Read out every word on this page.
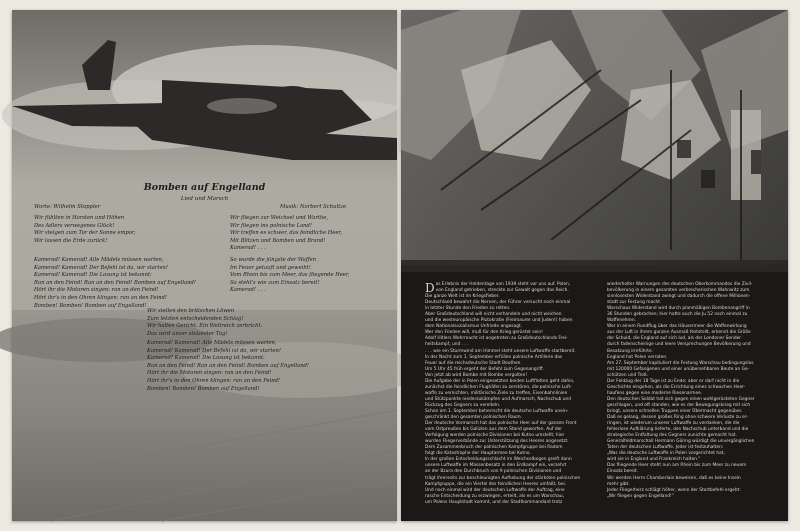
Bomben auf Engelland
Lied und Marsch
Worte: Wilhelm Stoppler	Musik: Norbert Schultze
Wir fühlten in Horsten und Höhen
Des Adlers verwegenes Glück!
Wir steigen zum Tor der Sonne empor,
Wir lassen die Erde zurück!
Wir fliegen zur Weichsel und Warthe,
Wir fliegen ins polnische Land!
Wir treffen es schwer, das feindliche Heer,
Mit Blitzen und Bomben und Brand!
Kamerad! . . .
Kamerad! Kamerad! Alle Mädels müssen warten,
Kamerad! Kamerad! Der Befehl ist da, wir starten!
Kamerad! Kamerad! Die Losung ist bekannt:
Ran an den Feind! Ran an den Feind! Bomben auf Engelland!
Hört ihr die Motoren singen: ran an den Feind!
Hört ihr's in den Ohren klingen: ran an den Feind!
Bomben! Bomben! Bomben auf Engelland!
So wurde die jüngste der Waffen
Im Feuer getauft und geweiht!
Vom Rhein bis zum Meer, das fliegende Heer,
So steht's wie zum Einsatz bereit!
Kamerad! . . .
Wir stellen den britischen Löwen
Zum letzten entscheidenden Schlag!
Wir halten Gericht. Ein Weltreich zerbricht.
Das wird unser stolzester Tag!
Kamerad! Kamerad! Alle Mädels müssen warten,
Kamerad! Kamerad! Der Befehl ist da, wir starten!
Kamerad! Kamerad! Die Losung ist bekannt:
Ran an den Feind! Ran an den Feind! Bomben auf Engelland!
Hört ihr die Motoren singen: ran an den Feind!
Hört ihr's in den Ohren klingen: ran an den Feind!
Bomben! Bomben! Bomben auf Engelland!
Das Erlebnis der Heldentage von 1939 steht vor uns auf. Polen,
von England getrieben, streckte zur Gewalt gegen das Reich.
Die ganze Welt ist im Kriegsfieber.
Deutschland bewahrt die Nerven, der Führer versucht noch einmal
in letzter Stunde den Frieden zu retten.
Aber Großdeutschland will nicht verhandeln und nicht weichen
und die westeuropäische Plutokratie (Freimaurer und Juden!) haben
dem Nationalsozialismus Unfriede angesagt.
Wer den Frieden will, muß für den Krieg gerüstet sein!
Adolf Hitlers Wehrmacht ist angetreten zu Großdeutschlands Frei-
heitskampf, und . . .
. . . wie ein Sturmwind am Himmel steht unsere Luftwaffe startbereit.
In der Nacht zum 1. September erfüllen polnische Artillerie das
Feuer auf die reichsdeutsche Stadt Beuthen.
Um 5 Uhr 45 früh ergeht der Befehl zum Gegenangriff.
Von jetzt ab wird Bombe mit Bombe vergolten!
Die Aufgabe der in Polen eingesetzten beiden Luftflotten geht dahin,
zunächst die feindlichen Flughäfen zu zerstören, die polnische Luft-
waffe zu vernichten, militärische Ziele zu treffen, Eisenbahnlinien
und Stützpunkte niederzukämpfen und Aufmarsch, Nachschub und
Rückzug des Gegners zu vereiteln.
Schon am 1. September beherrscht die deutsche Luftwaffe unein-
geschränkt den gesamten polnischen Raum.
Der deutsche Vormarsch hat das polnische Heer auf der ganzen Front
vom Ostpreußen bis Galizien aus dem Stand geworfen. Auf der
Verfolgung werden polnische Divisionen bei Kutno umstellt; hier
wurden Fliegerverbände zur Unterstützung des Heeres angesetzt.
Dem Zusammenbruch der polnischen Kampfgruppe bei Radom
folgt die Katastrophe der Hauptarmee bei Kutno.
In der großen Entscheidungsschlacht im Weichselbogen greift dann
unsere Luftwaffe im Massenbesatz in den Erdkampf ein, verzehrt
an der Bzura den Durchbruch von 9 polnischen Divisionen und
trägt ihrerseits zur beschleunigten Aufhebung der stärksten polnischen
Kampfgruppe, die ein Viertel des feindlichen Heeres umfaßt, bei.
Und noch einmal wird der deutschen Luftwaffe der Auftrag, eine
rasche Entscheidung zu erzwingen, erteilt, als es um Warschau,
um Polens Hauptstadt kommt, und der Stadtkommandant trotz
wiederholter Warnungen des deutschen Oberkommandos die Zivil-
bevölkerung in einem gesamten verbrecherischen Wahnwitz zum
sinnlosesten Widerstand zwingt und dadurch die offene Millionen-
stadt zur Festung macht.
Warschaus Widerstand wird durch planmäßigen Bombenangriff in
36 Stunden gebrochen; hier hatte auch die Ju 52 noch einmal zu
Waffenehren.
Wer in einem Rundflug über das Häusermeer die Waffenwirkung
aus der Luft in ihrem ganzen Ausmaß feststellt, erkennt die Größe
der Schuld, die England auf sich lud, als der Londoner Sender
durch fadenscheinige und leere Versprechungen Bevölkerung und
Besatzung irreführte.
England hat Polen verraten.
Am 27. September kapituliert die Festung Warschau bedingungslos
mit 120000 Gefangenen und einer unübersehbaren Beute an Ge-
schützen und Troß.
Der Feldzug der 18 Tage ist zu Ende; aber er darf nicht in die
Geschichte eingehen, als die Errichtung eines schwachen Heer-
haufens gegen eine moderne Riesenarmee.
Den deutschen Soldat hat sich gegen einen wohlgerüsteten Gegner
geschlagen, und oft standen, wie es der Bewegungskrieg mit sich
bringt, unsere schnellen Truppen einer Übermacht gegenüber.
Daß es gelang, dessen großes Ring ohne schwere Verluste zu er-
ringen, ist wiederum unserer Luftwaffe zu verdanken, die die
fehlerlose Aufklärung lieferte, den Nachschub unterband und die
strategische Entfaltung des Gegners zunichte gemacht hat.
Generalfeldmarschall Hermann Göring würdigt die unvergänglichen
Taten der deutschen Luftwaffe. Jeder ist festzuhalten:
„Was die deutsche Luftwaffe in Polen vorgerichtet hat,
wird sie in England und Frankreich halten."
Das fliegende Heer steht nun am Rhein bis zum Meer zu neuem
Einsatz bereit.
Wir werden Herrn Chamberlain beweisen, daß es keine Inseln
mehr gibt.
Jeder Fliegerherz schlägt höher, wenn der Startbefehl ergeht:
„Wir fliegen gegen Engelland!"
